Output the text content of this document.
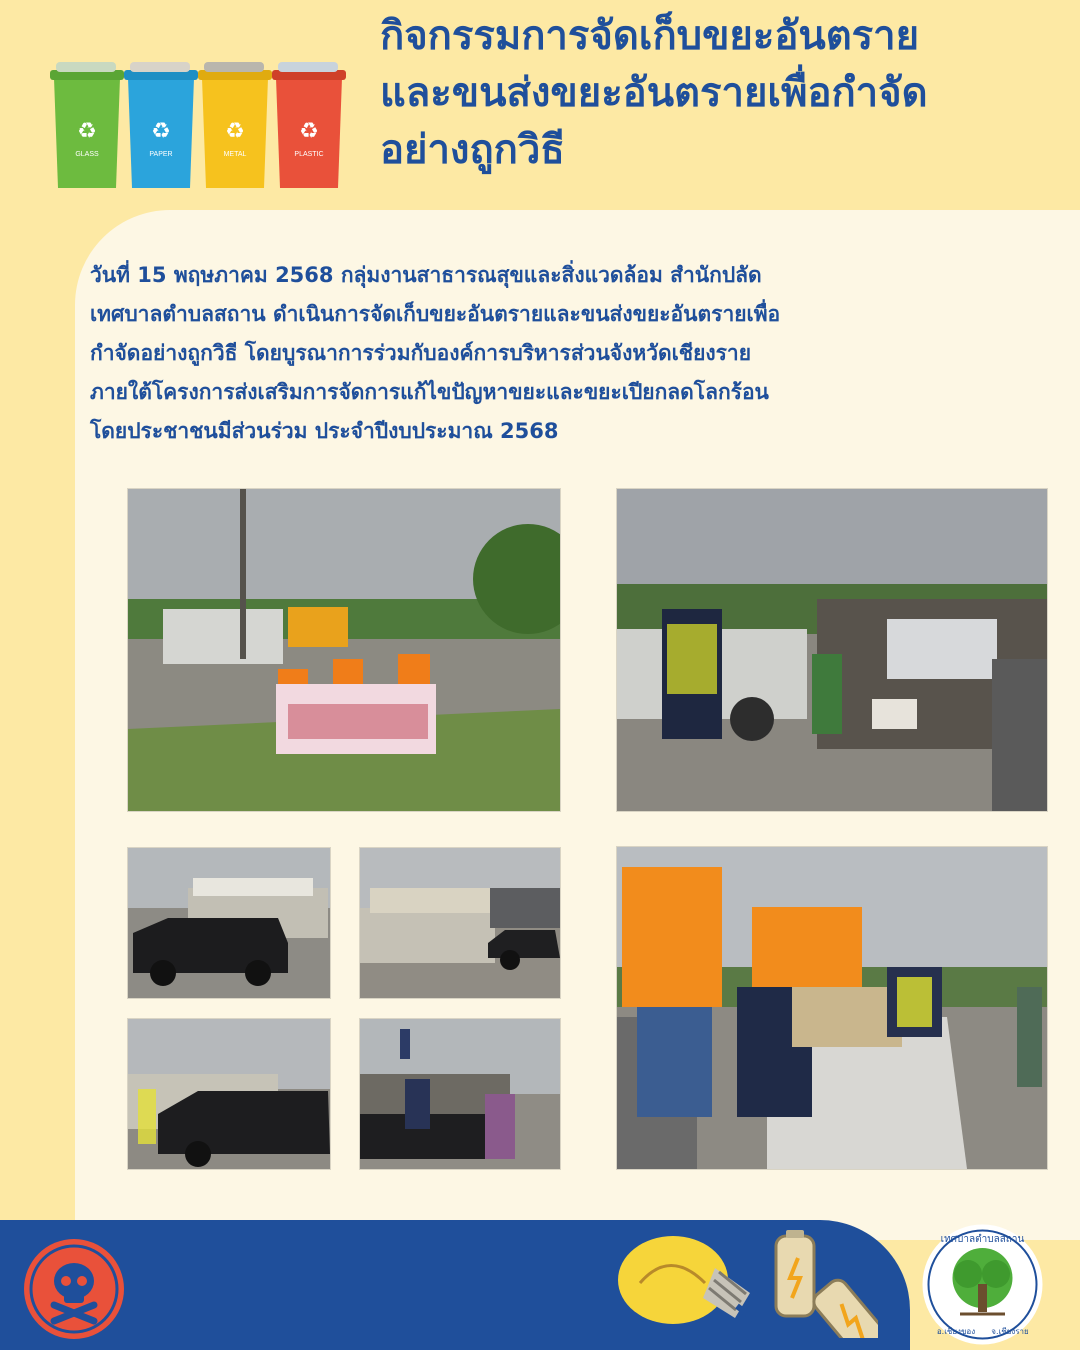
♻
GLASS
♻
PAPER
♻
METAL
♻
PLASTIC
กิจกรรมการจัดเก็บขยะอันตราย
และขนส่งขยะอันตรายเพื่อกำจัด
อย่างถูกวิธี

วันที่ 15 พฤษภาคม 2568 กลุ่มงานสาธารณสุขและสิ่งแวดล้อม สำนักปลัด
เทศบาลตำบลสถาน ดำเนินการจัดเก็บขยะอันตรายและขนส่งขยะอันตรายเพื่อ
กำจัดอย่างถูกวิธี โดยบูรณาการร่วมกับองค์การบริหารส่วนจังหวัดเชียงราย
ภายใต้โครงการส่งเสริมการจัดการแก้ไขปัญหาขยะและขยะเปียกลดโลกร้อน
โดยประชาชนมีส่วนร่วม ประจำปีงบประมาณ 2568

เทศบาลตำบลสถาน
อ.เชียงของ จ.เชียงราย
